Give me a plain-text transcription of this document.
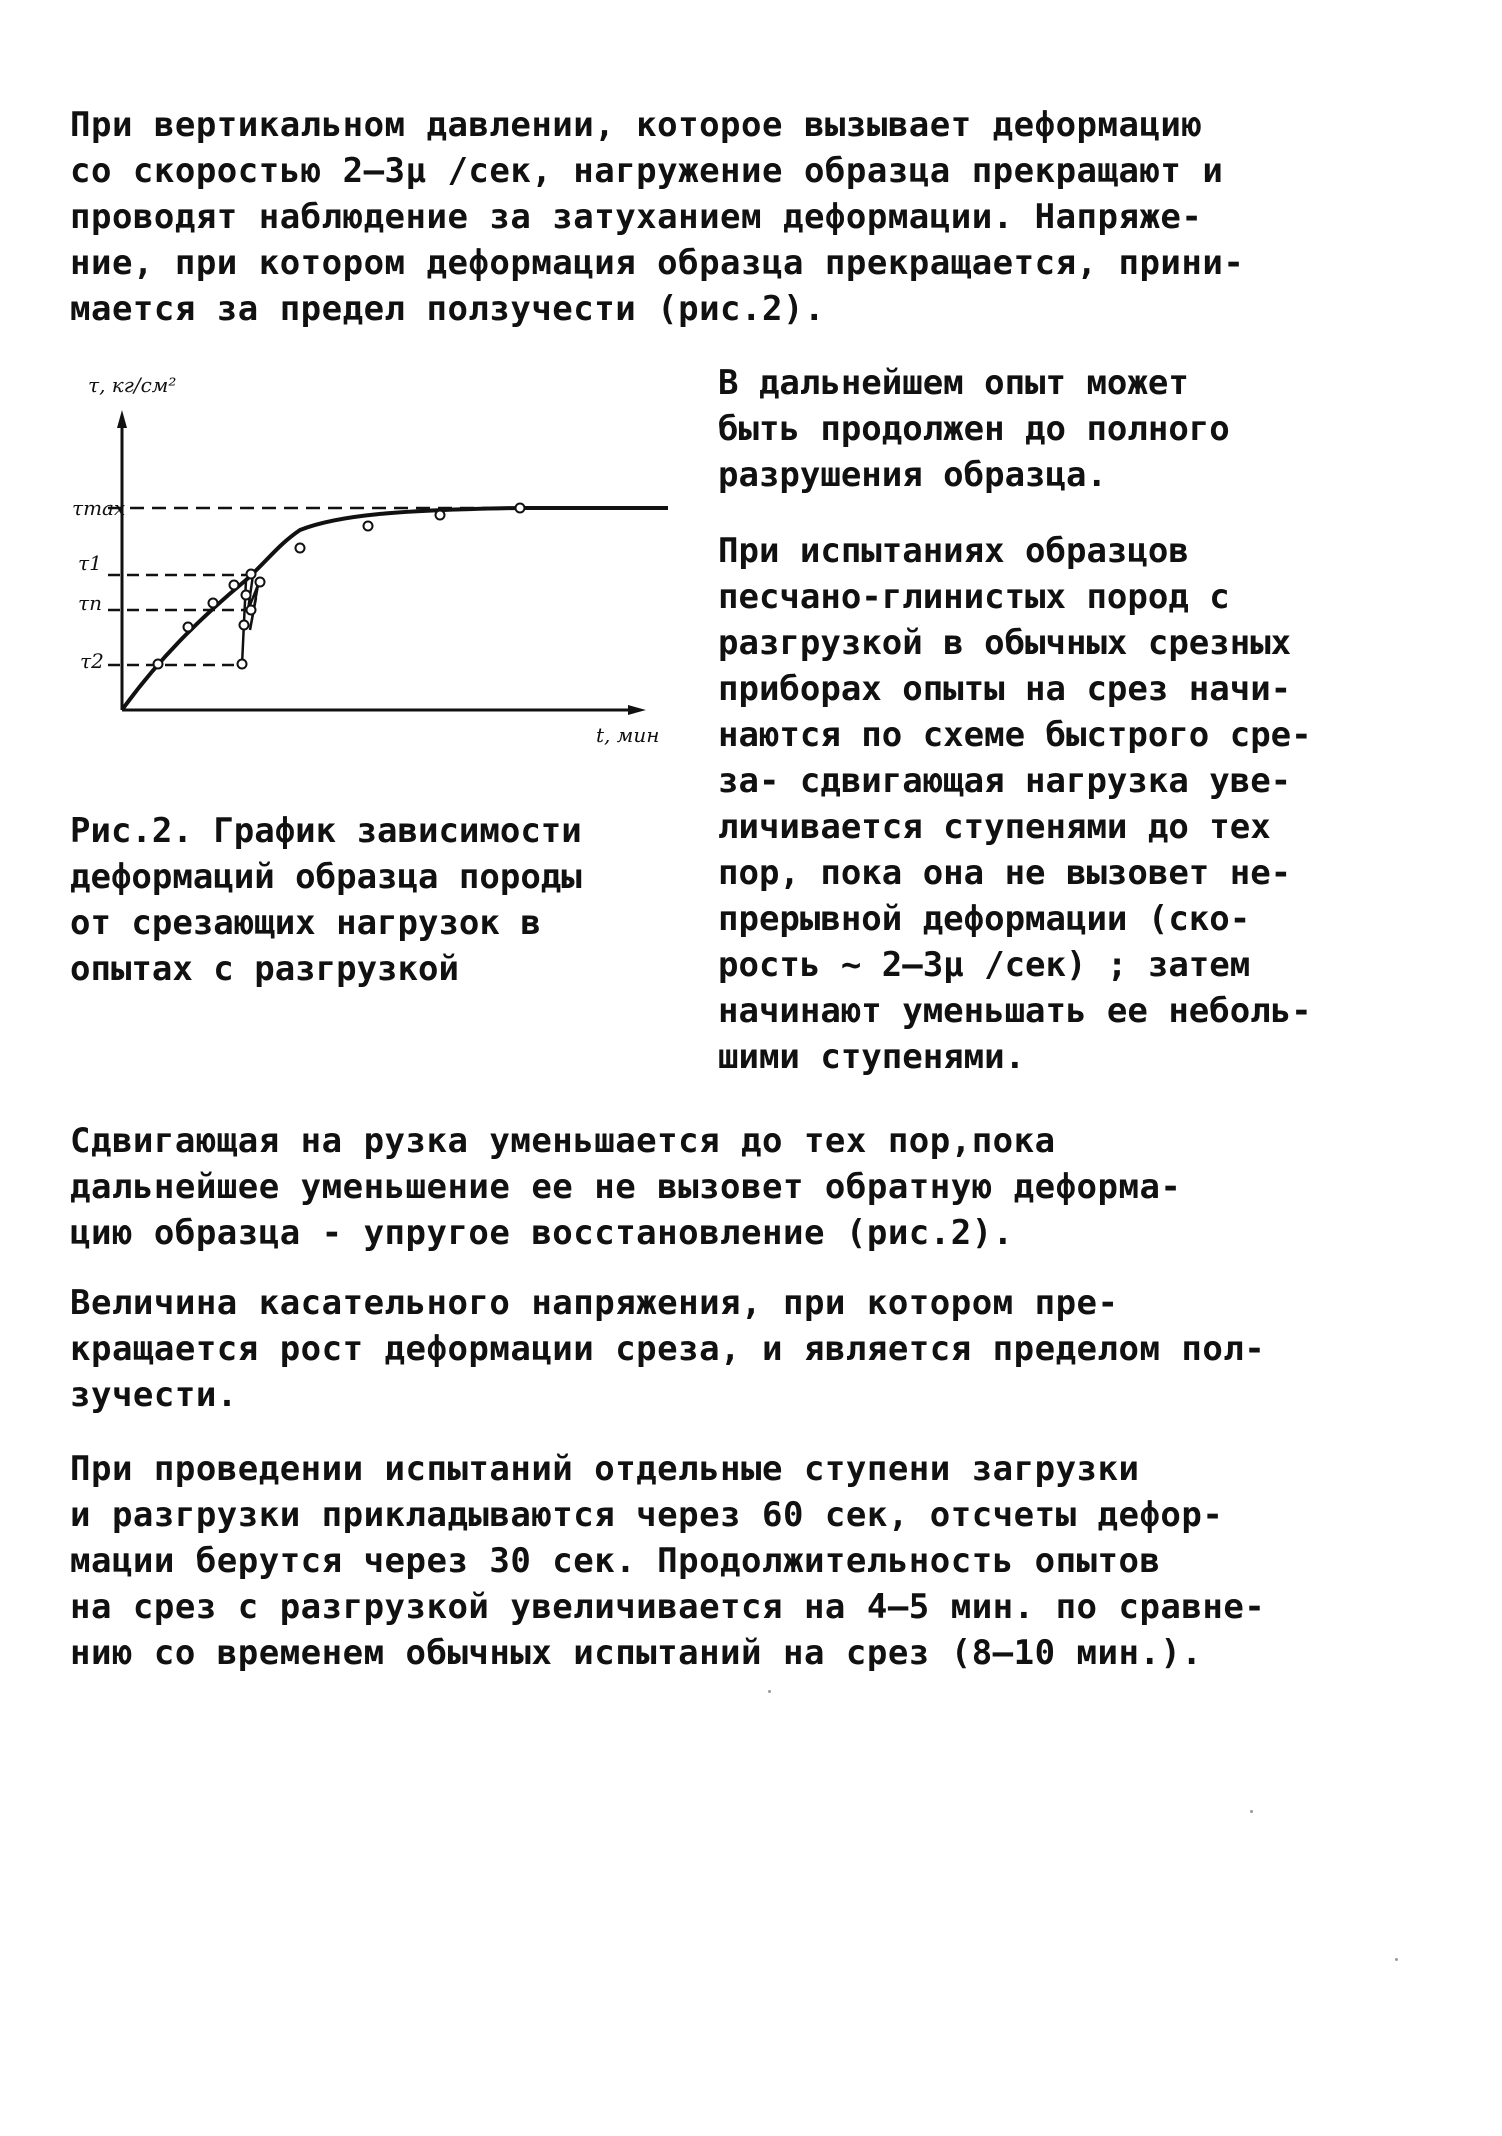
При вертикальном давлении, которое вызывает деформацию
со скоростью 2–3μ /сек, нагружение образца прекращают и
проводят наблюдение за затуханием деформации. Напряже-
ние, при котором деформация образца прекращается, прини-
мается за предел ползучести (рис.2).
τ, кг/см²
t, мин
τmax
τ1
τn
τ2
Рис.2. График зависимости
деформаций образца породы
от срезающих нагрузок в
опытах с разгрузкой
В дальнейшем опыт может
быть продолжен до полного
разрушения образца.
При испытаниях образцов
песчано-глинистых пород с
разгрузкой в обычных срезных
приборах опыты на срез начи-
наются по схеме быстрого сре-
за- сдвигающая нагрузка уве-
личивается ступенями до тех
пор, пока она не вызовет не-
прерывной деформации (ско-
рость ~ 2–3μ /сек) ; затем
начинают уменьшать ее неболь-
шими ступенями.
Сдвигающая на рузка уменьшается до тех пор,пока
дальнейшее уменьшение ее не вызовет обратную деформа-
цию образца - упругое восстановление (рис.2).
Величина касательного напряжения, при котором пре-
кращается рост деформации среза, и является пределом пол-
зучести.
При проведении испытаний отдельные ступени загрузки
и разгрузки прикладываются через 60 сек, отсчеты дефор-
мации берутся через 30 сек. Продолжительность опытов
на срез с разгрузкой увеличивается на 4–5 мин. по сравне-
нию со временем обычных испытаний на срез (8–10 мин.).
